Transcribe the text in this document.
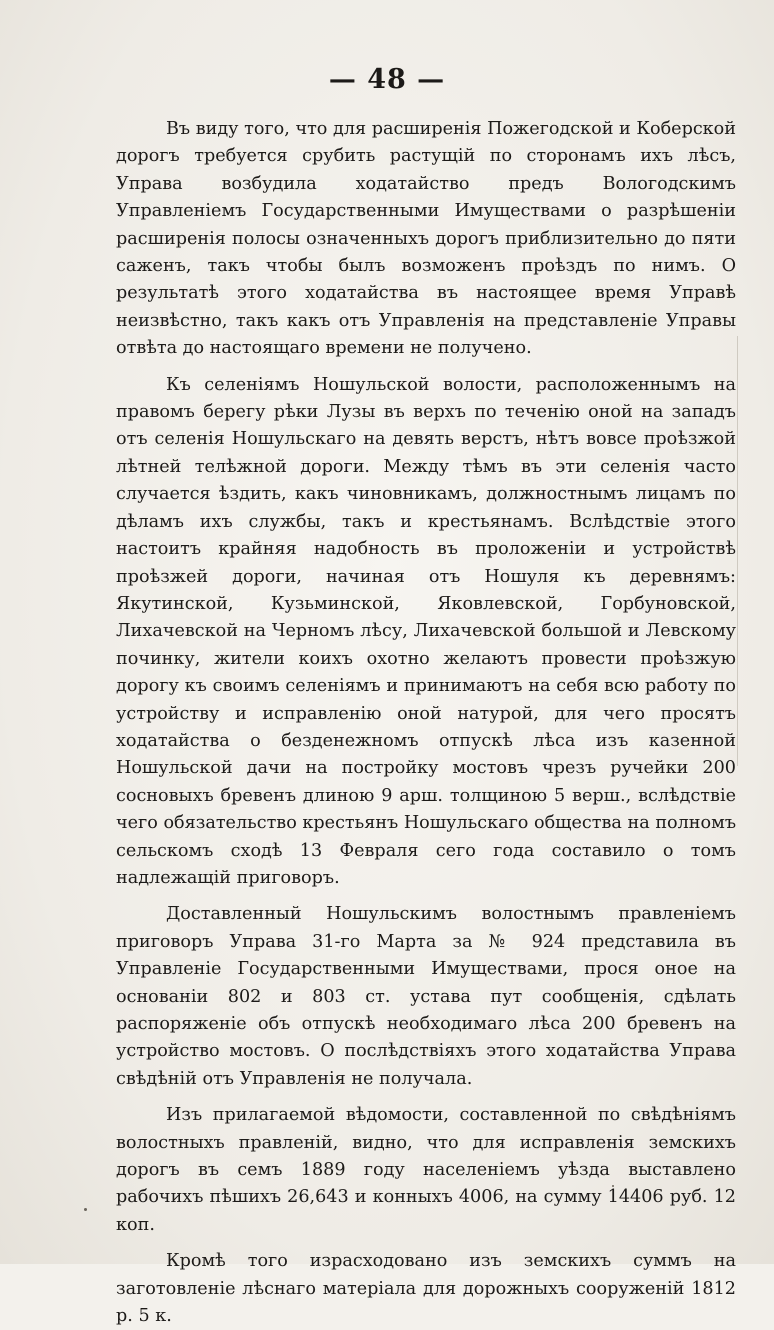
— 48 —

Въ виду того, что для расширенія Пожегодской и Коберской дорогъ требуется срубить растущій по сторонамъ ихъ лѣсъ, Управа возбудила ходатайство предъ Вологодскимъ Управленіемъ Государственными Имуществами о разрѣшеніи расширенія полосы означенныхъ дорогъ приблизительно до пяти саженъ, такъ чтобы былъ возможенъ проѣздъ по нимъ. О результатѣ этого ходатайства въ настоящее время Управѣ неизвѣстно, такъ какъ отъ Управленія на представленіе Управы отвѣта до настоящаго времени не получено.

Къ селеніямъ Нoшульской волости, расположеннымъ на правомъ берегу рѣки Лузы въ верхъ по теченію оной на западъ отъ селенія Нoшульскаго на девять верстъ, нѣтъ вовсе проѣзжой лѣтней телѣжной дороги. Между тѣмъ въ эти селенія часто случается ѣздить, какъ чиновникамъ, должностнымъ лицамъ по дѣламъ ихъ службы, такъ и крестьянамъ. Вслѣдствіе этого настоитъ крайняя надобность въ проложеніи и устройствѣ проѣзжей дороги, начиная отъ Нoшуля къ деревнямъ: Якутинской, Кузьминской, Яковлевской, Горбуновской, Лихачевской на Черномъ лѣсу, Лихачевской большой и Левскому починку, жители коихъ охотно желаютъ провести проѣзжую дорогу къ своимъ селеніямъ и принимаютъ на себя всю работу по устройству и исправленію оной натурой, для чего просятъ ходатайства о безденежномъ отпускѣ лѣса изъ казенной Нoшульской дачи на постройку мостовъ чрезъ ручейки 200 сосновыхъ бревенъ длиною 9 арш. толщиною 5 верш., вслѣдствіе чего обязательство крестьянъ Нoшульскаго общества на полномъ сельскомъ сходѣ 13 Февраля сего года составило о томъ надлежащій приговоръ.

Доставленный Нoшульскимъ волостнымъ правленіемъ приговоръ Управа 31-го Марта за № 924 представила въ Управленіе Государственными Имуществами, прося оное на основаніи 802 и 803 ст. устава пут сообщенія, сдѣлать распоряженіе объ отпускѣ необходимаго лѣса 200 бревенъ на устройство мостовъ. О послѣдствіяхъ этого ходатайства Управа свѣдѣній отъ Управленія не получала.

Изъ прилагаемой вѣдомости, составленной по свѣдѣніямъ волостныхъ правленій, видно, что для исправленія земскихъ дорогъ въ семъ 1889 году населеніемъ уѣзда выставлено рабочихъ пѣшихъ 26,643 и конныхъ 4006, на сумму 14406 руб. 12 коп.

Кромѣ того израсходовано изъ земскихъ суммъ на заготовленіе лѣснаго матеріала для дорожныхъ сооруженій 1812 р. 5 к.
